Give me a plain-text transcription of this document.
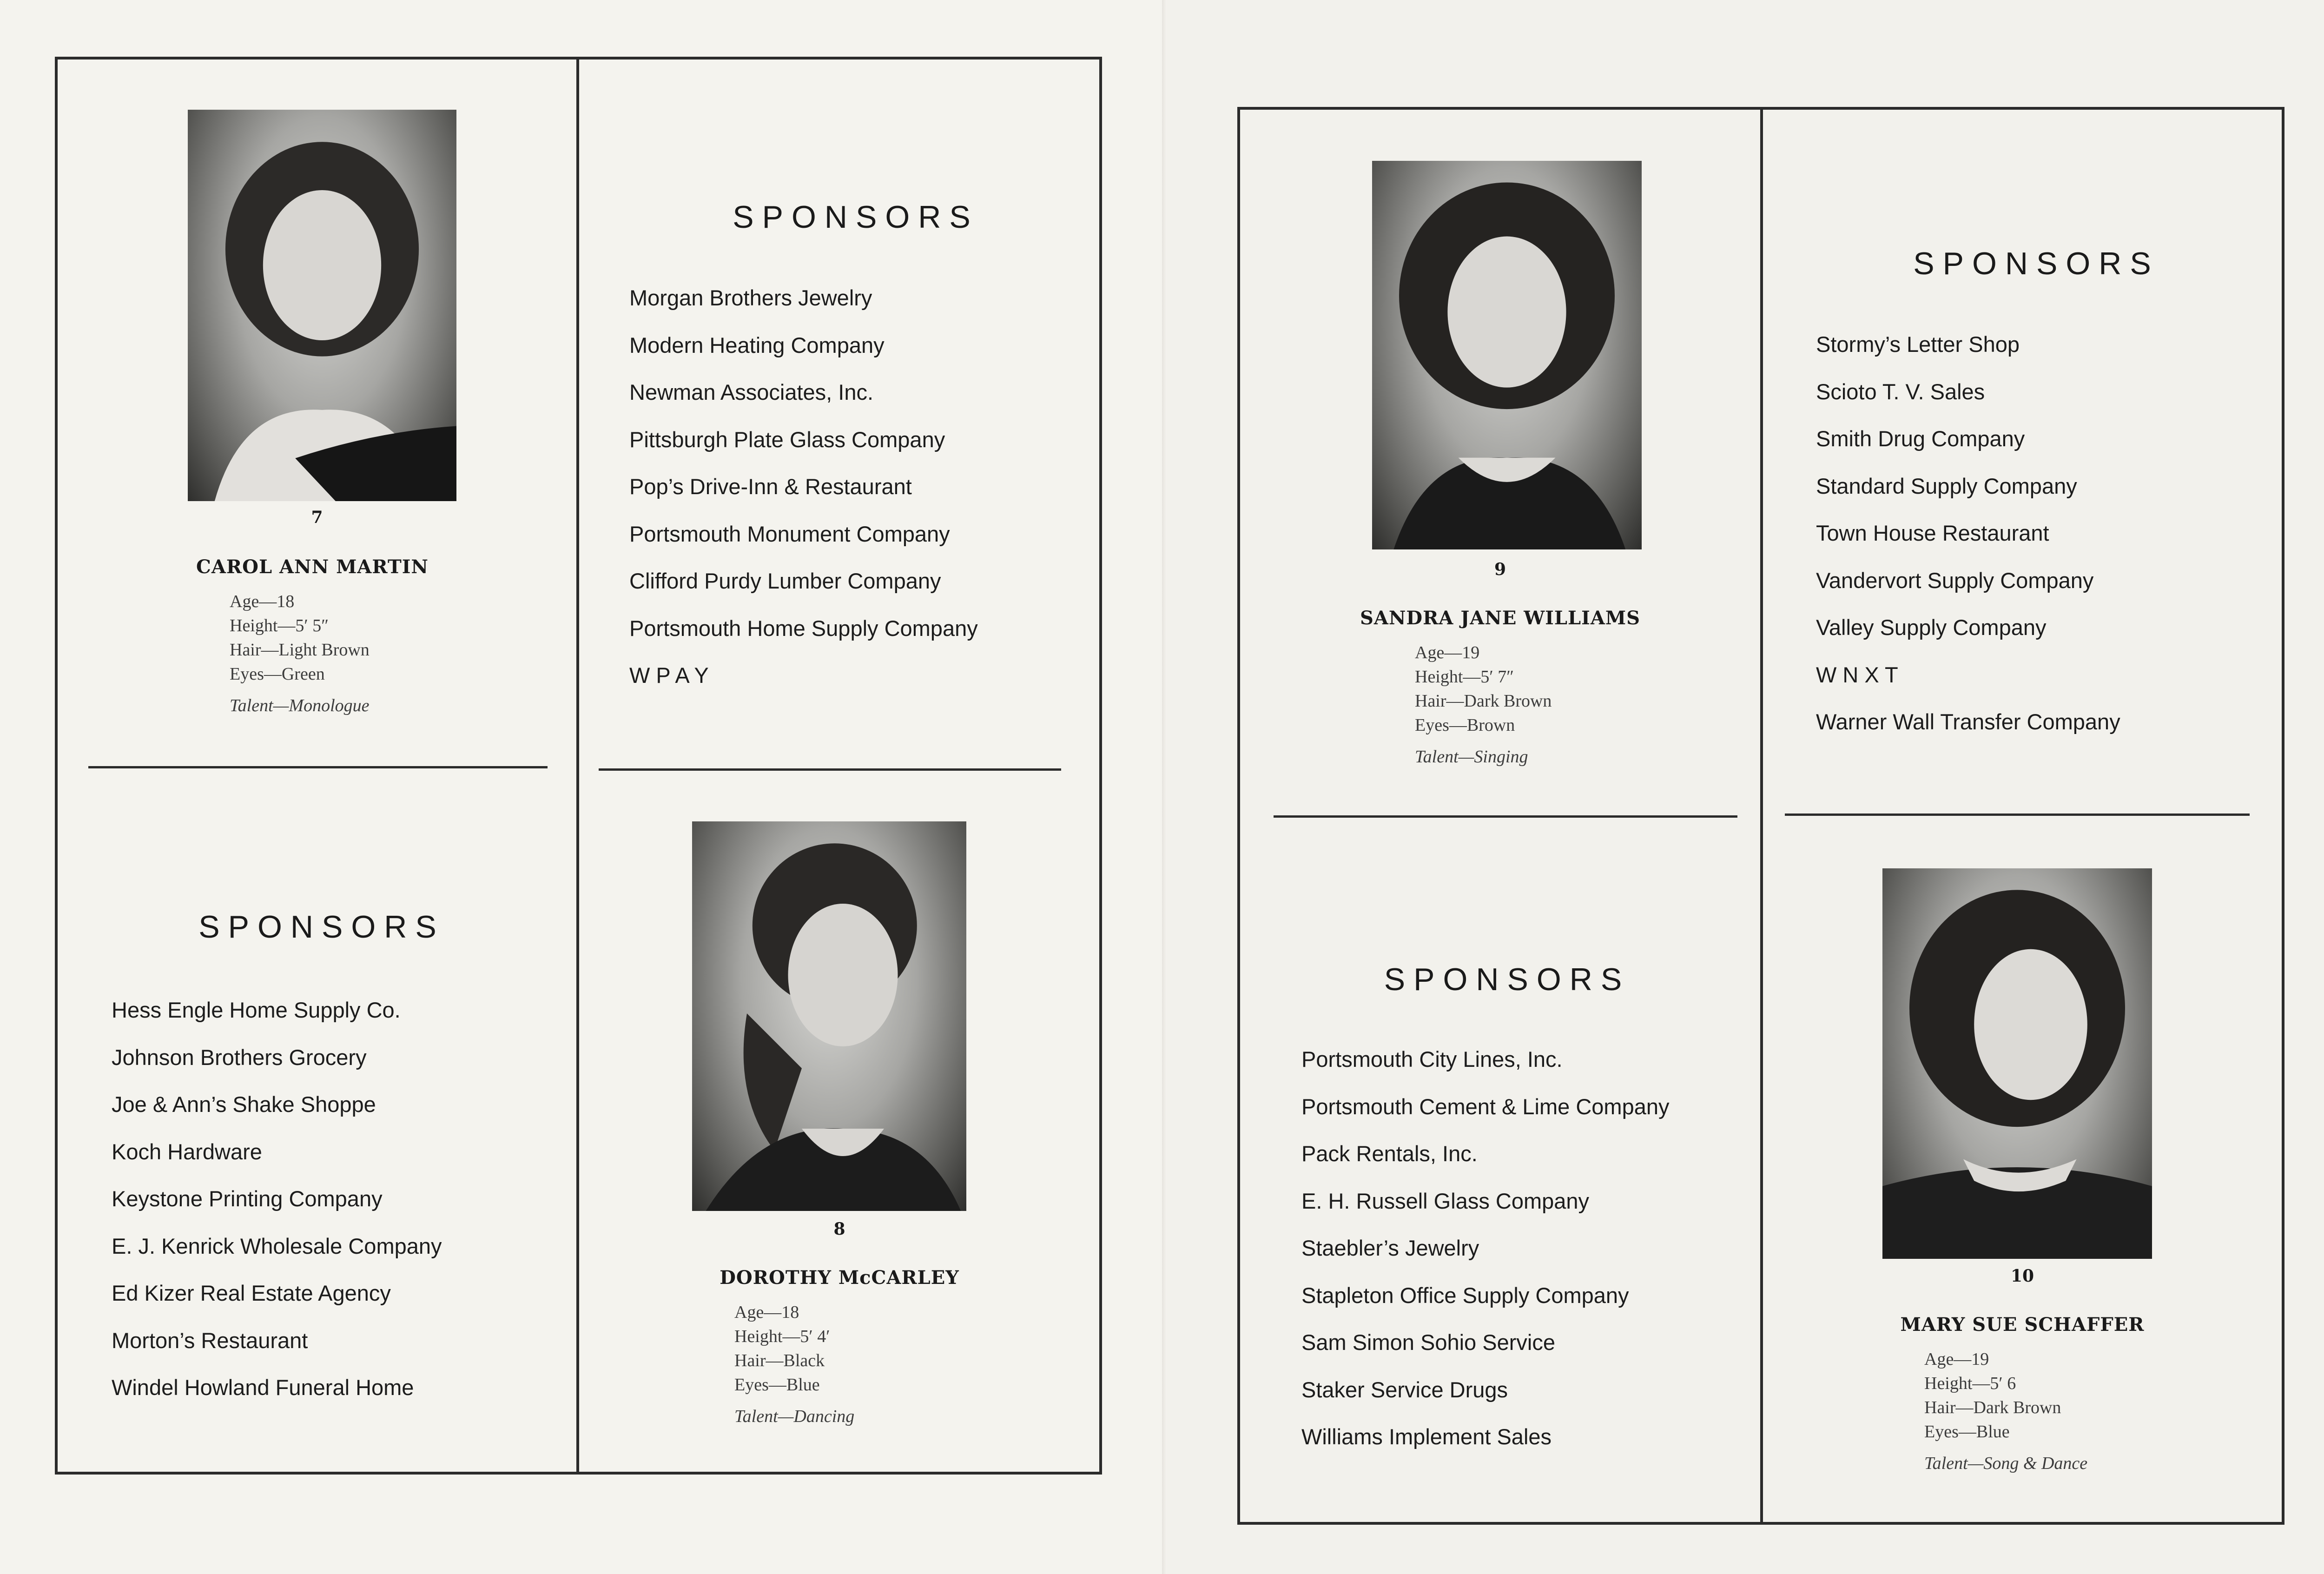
7
CAROL ANN MARTIN
Age—18
Height—5′ 5″
Hair—Light Brown
Eyes—Green
Talent—Monologue
SPONSORS
Morgan Brothers Jewelry
Modern Heating Company
Newman Associates, Inc.
Pittsburgh Plate Glass Company
Pop’s Drive-Inn & Restaurant
Portsmouth Monument Company
Clifford Purdy Lumber Company
Portsmouth Home Supply Company
W P A Y
SPONSORS
Hess Engle Home Supply Co.
Johnson Brothers Grocery
Joe & Ann’s Shake Shoppe
Koch Hardware
Keystone Printing Company
E. J. Kenrick Wholesale Company
Ed Kizer Real Estate Agency
Morton’s Restaurant
Windel Howland Funeral Home
8
DOROTHY McCARLEY
Age—18
Height—5′ 4′
Hair—Black
Eyes—Blue
Talent—Dancing
9
SANDRA JANE WILLIAMS
Age—19
Height—5′ 7″
Hair—Dark Brown
Eyes—Brown
Talent—Singing
SPONSORS
Stormy’s Letter Shop
Scioto T. V. Sales
Smith Drug Company
Standard Supply Company
Town House Restaurant
Vandervort Supply Company
Valley Supply Company
W N X T
Warner Wall Transfer Company
SPONSORS
Portsmouth City Lines, Inc.
Portsmouth Cement & Lime Company
Pack Rentals, Inc.
E. H. Russell Glass Company
Staebler’s Jewelry
Stapleton Office Supply Company
Sam Simon Sohio Service
Staker Service Drugs
Williams Implement Sales
10
MARY SUE SCHAFFER
Age—19
Height—5′ 6
Hair—Dark Brown
Eyes—Blue
Talent—Song & Dance
